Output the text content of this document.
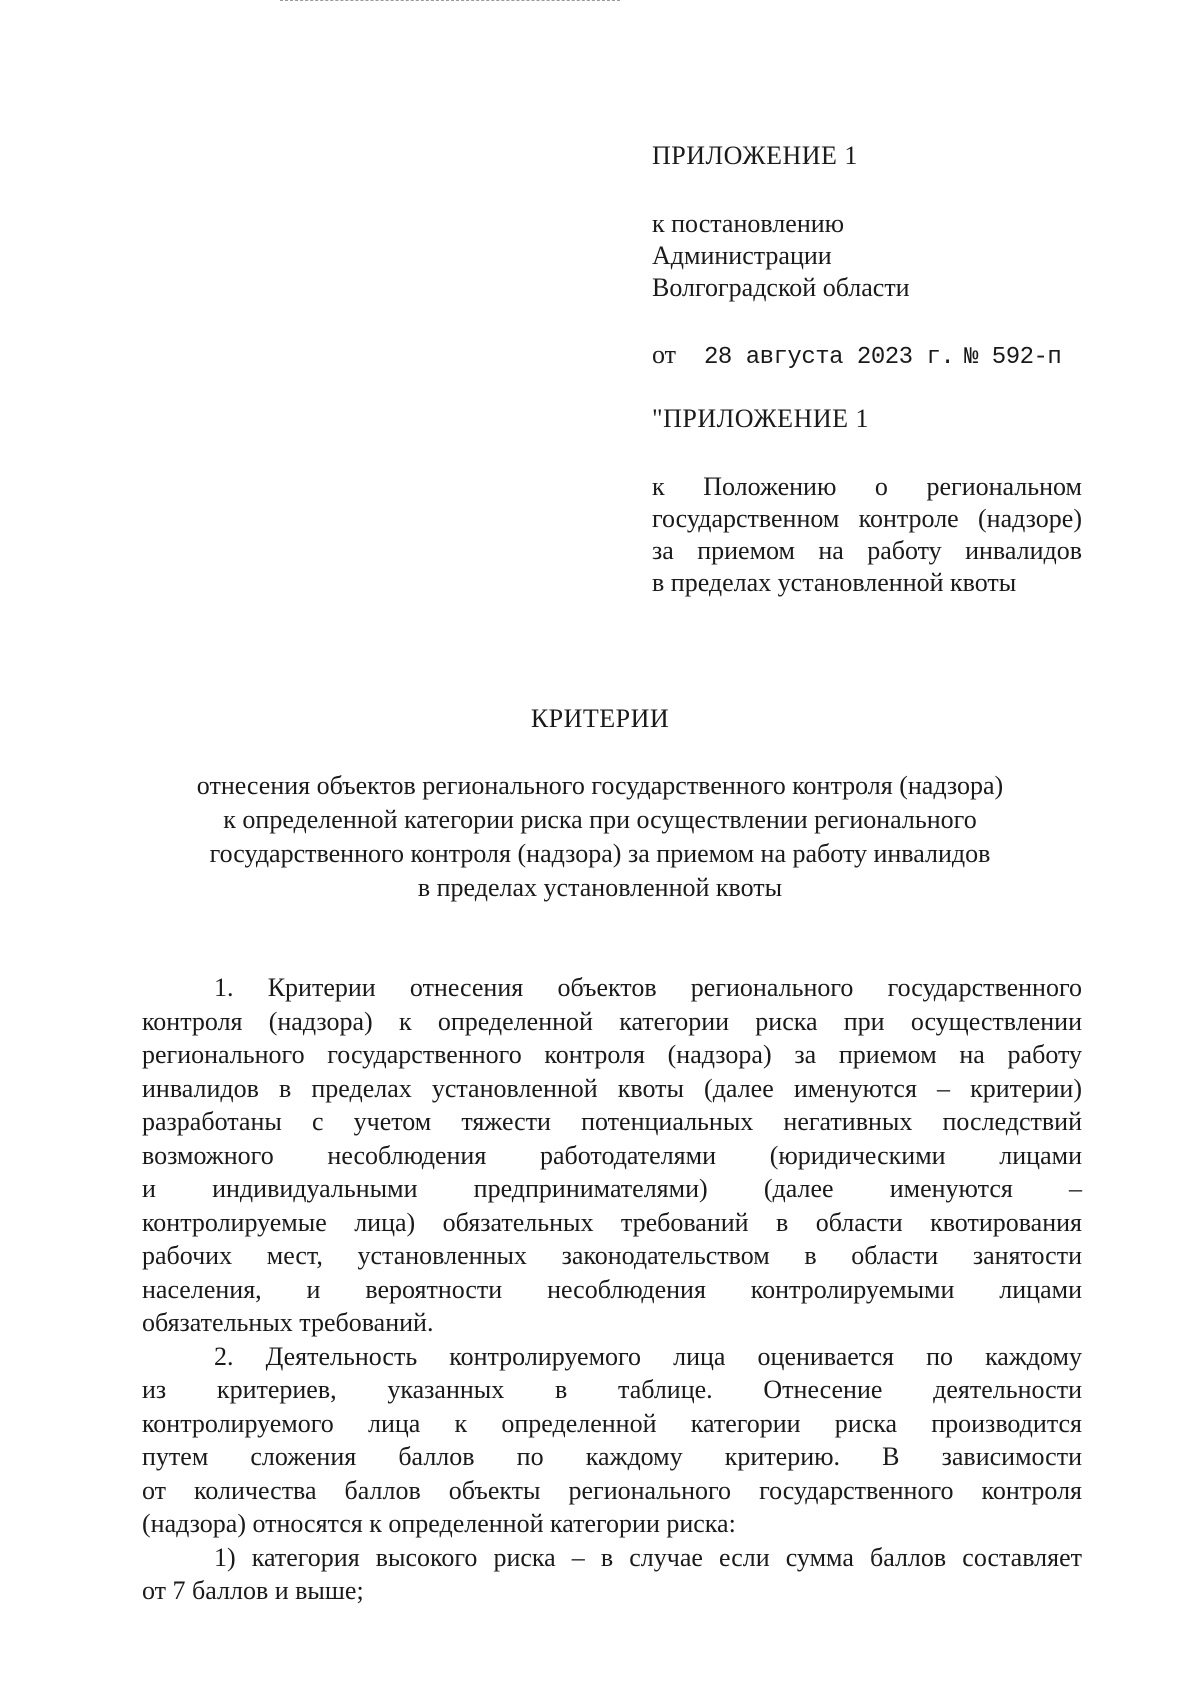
ПРИЛОЖЕНИЕ 1
к постановлению
Администрации
Волгоградской области
от 28 августа 2023 г. № 592-п
"ПРИЛОЖЕНИЕ 1
к Положению о региональном
государственном контроле (надзоре)
за приемом на работу инвалидов
в пределах установленной квоты
КРИТЕРИИ
отнесения объектов регионального государственного контроля (надзора)
к определенной категории риска при осуществлении регионального
государственного контроля (надзора) за приемом на работу инвалидов
в пределах установленной квоты
1. Критерии отнесения объектов регионального государственного
контроля (надзора) к определенной категории риска при осуществлении
регионального государственного контроля (надзора) за приемом на работу
инвалидов в пределах установленной квоты (далее именуются – критерии)
разработаны с учетом тяжести потенциальных негативных последствий
возможного несоблюдения работодателями (юридическими лицами
и индивидуальными предпринимателями) (далее именуются –
контролируемые лица) обязательных требований в области квотирования
рабочих мест, установленных законодательством в области занятости
населения, и вероятности несоблюдения контролируемыми лицами
обязательных требований.
2. Деятельность контролируемого лица оценивается по каждому
из критериев, указанных в таблице. Отнесение деятельности
контролируемого лица к определенной категории риска производится
путем сложения баллов по каждому критерию. В зависимости
от количества баллов объекты регионального государственного контроля
(надзора) относятся к определенной категории риска:
1) категория высокого риска – в случае если сумма баллов составляет
от 7 баллов и выше;
